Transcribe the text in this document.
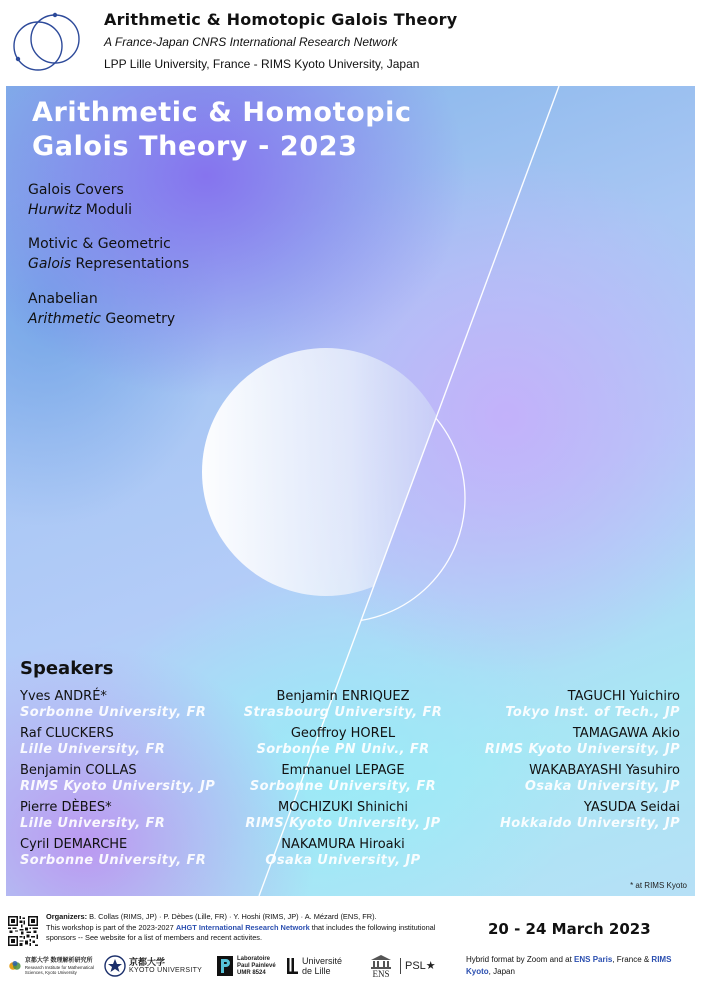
Arithmetic & Homotopic Galois Theory
A France-Japan CNRS International Research Network
LPP Lille University, France - RIMS Kyoto University, Japan
Arithmetic & Homotopic
Galois Theory - 2023
Galois Covers
Hurwitz Moduli
Motivic & Geometric
Galois Representations
Anabelian
Arithmetic Geometry
Speakers
Yves ANDRÉ*
Sorbonne University, FR
Raf CLUCKERS
Lille University, FR
Benjamin COLLAS
RIMS Kyoto University, JP
Pierre DÈBES*
Lille University, FR
Cyril DEMARCHE
Sorbonne University, FR
Benjamin ENRIQUEZ
Strasbourg University, FR
Geoffroy HOREL
Sorbonne PN Univ., FR
Emmanuel LEPAGE
Sorbonne University, FR
MOCHIZUKI Shinichi
RIMS Kyoto University, JP
NAKAMURA Hiroaki
Osaka University, JP
TAGUCHI Yuichiro
Tokyo Inst. of Tech., JP
TAMAGAWA Akio
RIMS Kyoto University, JP
WAKABAYASHI Yasuhiro
Osaka University, JP
YASUDA Seidai
Hokkaido University, JP
* at RIMS Kyoto
Organizers: B. Collas (RIMS, JP) · P. Dèbes (Lille, FR) · Y. Hoshi (RIMS, JP) · A. Mézard (ENS, FR).
This workshop is part of the 2023-2027 AHGT International Research Network that includes the following institutional sponsors -- See website for a list of members and recent activites.	20 - 24 March 2023
Hybrid format by Zoom and at ENS Paris, France & RIMS Kyoto, Japan
京都大学 数理解析研究所
Research Institute for Mathematical Sciences, Kyoto University
京都大学
KYOTO UNIVERSITY
Laboratoire
Paul Painlevé
UMR 8524
Université
de Lille	ENS
PSL★
